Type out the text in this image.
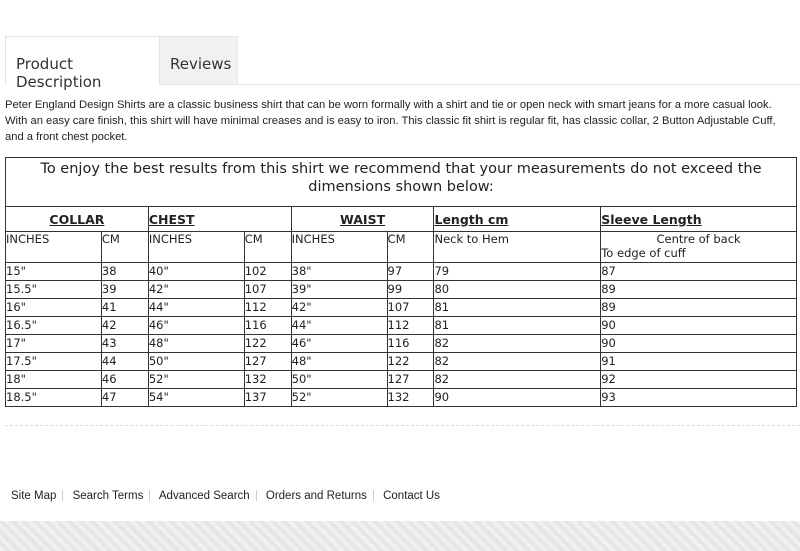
Product Description
Reviews

Peter England Design Shirts are a classic business shirt that can be worn formally with a shirt and tie or open neck with smart jeans for a more casual look. With an easy care finish, this shirt will have minimal creases and is easy to iron. This classic fit shirt is regular fit, has classic collar, 2 Button Adjustable Cuff, and a front chest pocket.

To enjoy the best results from this shirt we recommend that your measurements do not exceed the dimensions shown below:							
COLLAR		CHEST		WAIST		Length cm	Sleeve Length
INCHES	CM	INCHES	CM	INCHES	CM	Neck to Hem	Centre of back
To edge of cuff

15"	38	40"	102	38"	97	79	87
15.5"	39	42"	107	39"	99	80	89
16"	41	44"	112	42"	107	81	89
16.5"	42	46"	116	44"	112	81	90
17"	43	48"	122	46"	116	82	90
17.5"	44	50"	127	48"	122	82	91
18"	46	52"	132	50"	127	82	92
18.5"	47	54"	137	52"	132	90	93
Site Map Search Terms Advanced Search Orders and Returns Contact Us
